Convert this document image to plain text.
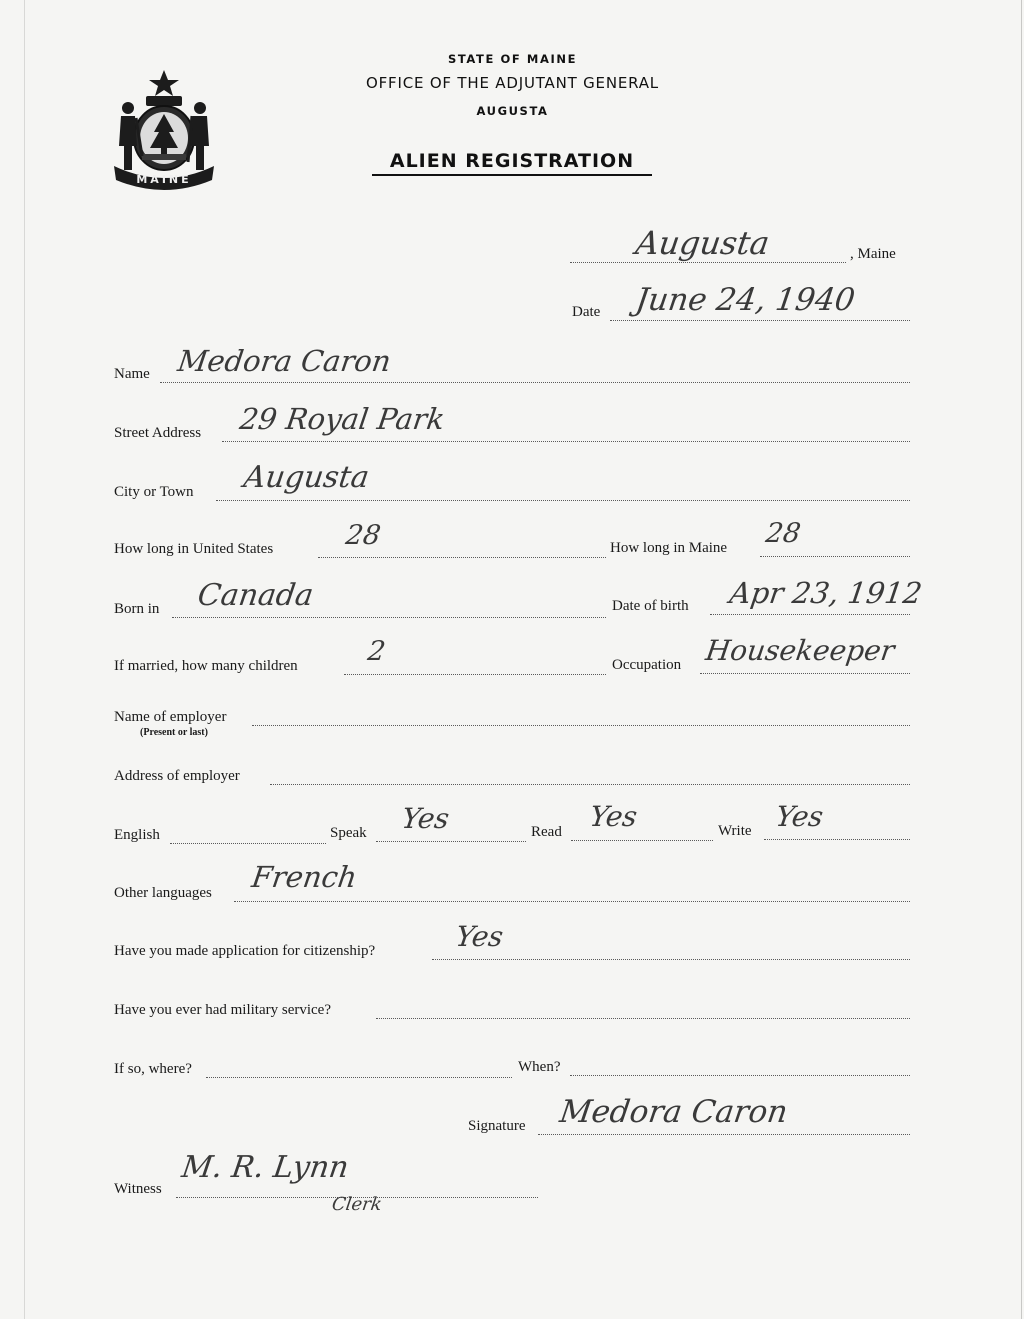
MAINE
STATE OF MAINE
OFFICE OF THE ADJUTANT GENERAL
AUGUSTA
ALIEN REGISTRATION
, Maine
Augusta
Date June 24, 1940
Name Medora Caron
Street Address 29 Royal Park
City or Town Augusta
How long in United States	28	How long in Maine 28
Born in Canada	Date of birth Apr 23, 1912
If married, how many children	2	Occupation Housekeeper
Name of employer
(Present or last)
Address of employer
English	Speak Yes	Read Yes	Write Yes
Other languages French
Have you made application for citizenship?	Yes
Have you ever had military service?
If so, where?	When?
Signature Medora Caron
Witness
M. R. Lynn
Clerk
